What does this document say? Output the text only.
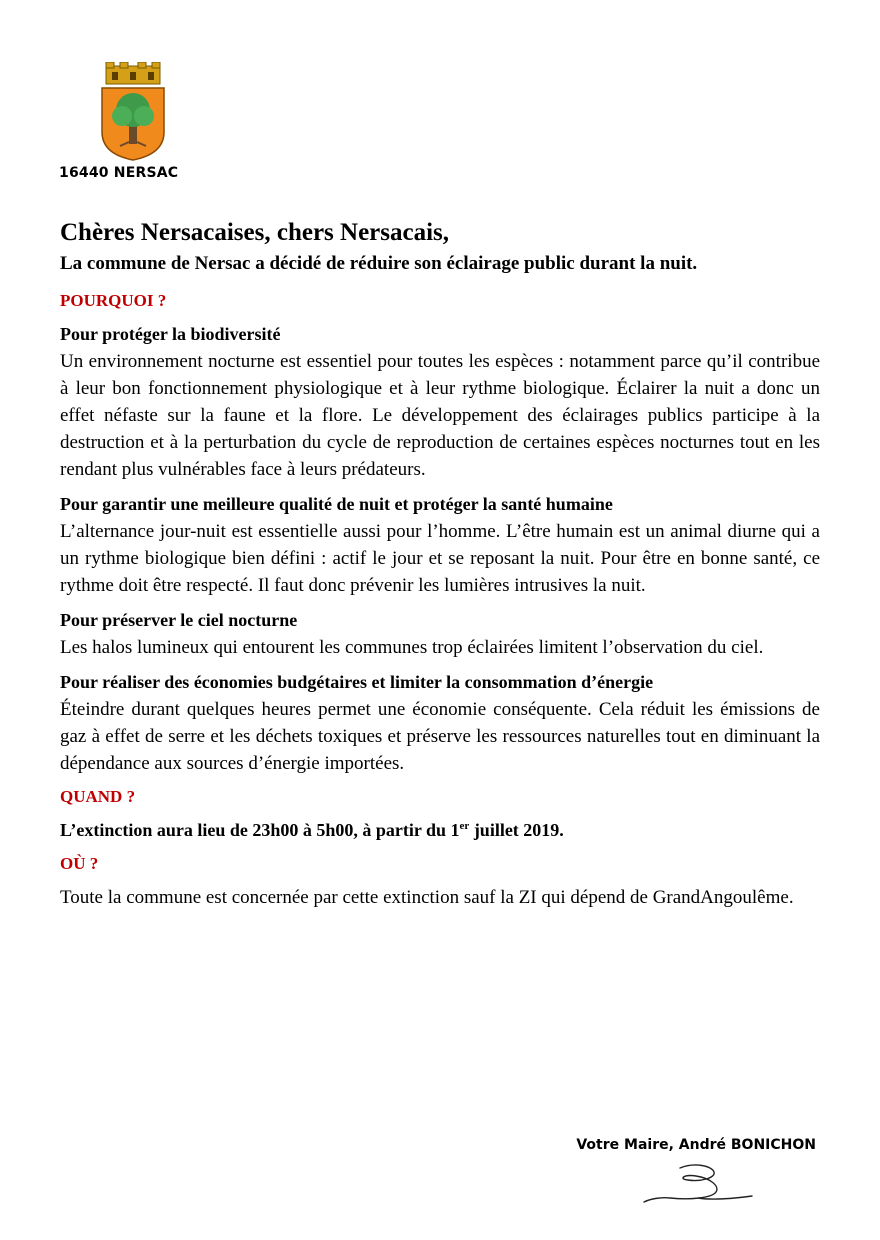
16440 NERSAC

Chères Nersacaises, chers Nersacais,

La commune de Nersac a décidé de réduire son éclairage public durant la nuit.

POURQUOI ?

Pour protéger la biodiversité

Un environnement nocturne est essentiel pour toutes les espèces : notamment parce qu’il contribue à leur bon fonctionnement physiologique et à leur rythme biologique. Éclairer la nuit a donc un effet néfaste sur la faune et la flore. Le développement des éclairages publics participe à la destruction et à la perturbation du cycle de reproduction de certaines espèces nocturnes tout en les rendant plus vulnérables face à leurs prédateurs.

Pour garantir une meilleure qualité de nuit et protéger la santé humaine

L’alternance jour-nuit est essentielle aussi pour l’homme. L’être humain est un animal diurne qui a un rythme biologique bien défini : actif le jour et se reposant la nuit. Pour être en bonne santé, ce rythme doit être respecté. Il faut donc prévenir les lumières intrusives la nuit.

Pour préserver le ciel nocturne

Les halos lumineux qui entourent les communes trop éclairées limitent l’observation du ciel.

Pour réaliser des économies budgétaires et limiter la consommation d’énergie

Éteindre durant quelques heures permet une économie conséquente. Cela réduit les émissions de gaz à effet de serre et les déchets toxiques et préserve les ressources naturelles tout en diminuant la dépendance aux sources d’énergie importées.

QUAND ?

L’extinction aura lieu de 23h00 à 5h00, à partir du 1er juillet 2019.

OÙ ?

Toute la commune est concernée par cette extinction sauf la ZI qui dépend de GrandAngoulême.

Votre Maire, André BONICHON
